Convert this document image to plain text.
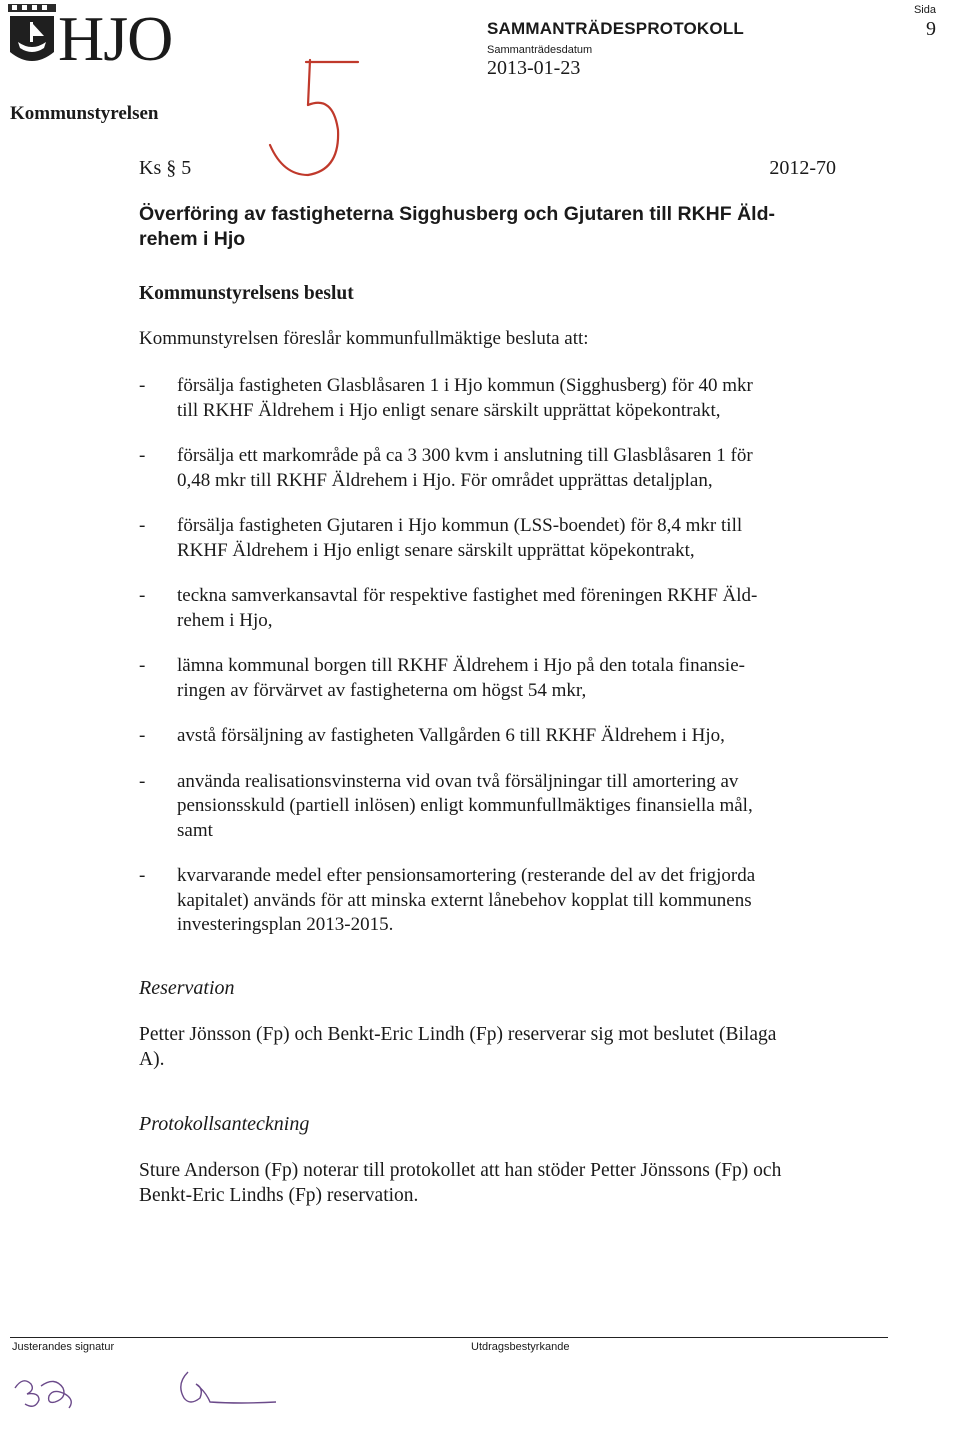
HJO	SAMMANTRÄDESPROTOKOLL
Sammanträdesdatum
2013-01-23
Sida
9
Kommunstyrelsen
Ks § 5	2012-70
Överföring av fastigheterna Sigghusberg och Gjutaren till RKHF Äld-
rehem i Hjo
Kommunstyrelsens beslut
Kommunstyrelsen föreslår kommunfullmäktige besluta att:
- försälja fastigheten Glasblåsaren 1 i Hjo kommun (Sigghusberg) för 40 mkr
till RKHF Äldrehem i Hjo enligt senare särskilt upprättat köpekontrakt,
- försälja ett markområde på ca 3 300 kvm i anslutning till Glasblåsaren 1 för
0,48 mkr till RKHF Äldrehem i Hjo. För området upprättas detaljplan,
- försälja fastigheten Gjutaren i Hjo kommun (LSS-boendet) för 8,4 mkr till
RKHF Äldrehem i Hjo enligt senare särskilt upprättat köpekontrakt,
- teckna samverkansavtal för respektive fastighet med föreningen RKHF Äld-
rehem i Hjo,
- lämna kommunal borgen till RKHF Äldrehem i Hjo på den totala finansie-
ringen av förvärvet av fastigheterna om högst 54 mkr,
- avstå försäljning av fastigheten Vallgården 6 till RKHF Äldrehem i Hjo,
- använda realisationsvinsterna vid ovan två försäljningar till amortering av
pensionsskuld (partiell inlösen) enligt kommunfullmäktiges finansiella mål,
samt
- kvarvarande medel efter pensionsamortering (resterande del av det frigjorda
kapitalet) används för att minska externt lånebehov kopplat till kommunens
investeringsplan 2013-2015.
Reservation
Petter Jönsson (Fp) och Benkt-Eric Lindh (Fp) reserverar sig mot beslutet (Bilaga
A).
Protokollsanteckning
Sture Anderson (Fp) noterar till protokollet att han stöder Petter Jönssons (Fp) och
Benkt-Eric Lindhs (Fp) reservation.
Justerandes signatur	Utdragsbestyrkande
